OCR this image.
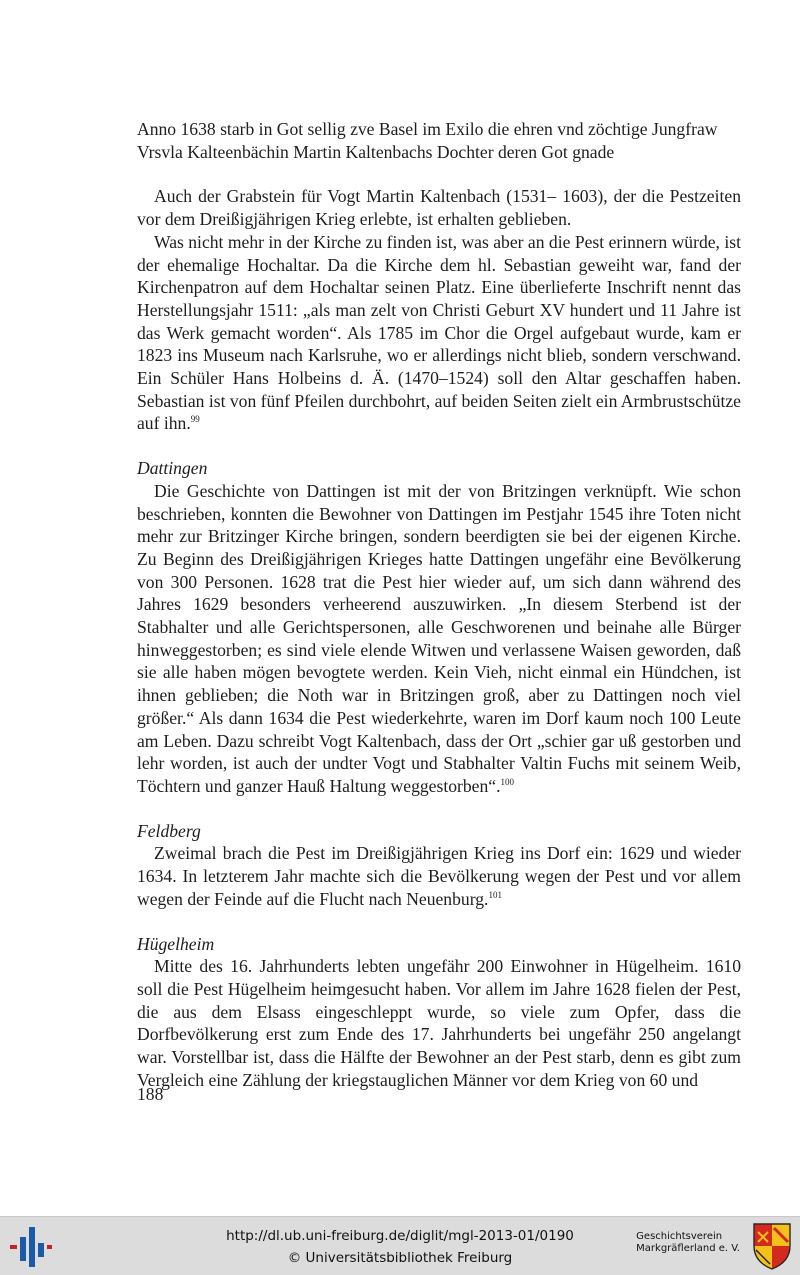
Anno 1638 starb in Got sellig zve Basel im Exilo die ehren vnd zöchtige Jungfraw

Vrsvla Kalteenbächin Martin Kaltenbachs Dochter deren Got gnade

Auch der Grabstein für Vogt Martin Kaltenbach (1531– 1603), der die Pestzeiten vor dem Dreißigjährigen Krieg erlebte, ist erhalten geblieben.

Was nicht mehr in der Kirche zu finden ist, was aber an die Pest erinnern würde, ist der ehemalige Hochaltar. Da die Kirche dem hl. Sebastian geweiht war, fand der Kirchenpatron auf dem Hochaltar seinen Platz. Eine überlieferte Inschrift nennt das Herstellungsjahr 1511: „als man zelt von Christi Geburt XV hundert und 11 Jahre ist das Werk gemacht worden“. Als 1785 im Chor die Orgel aufgebaut wurde, kam er 1823 ins Museum nach Karlsruhe, wo er allerdings nicht blieb, sondern verschwand. Ein Schüler Hans Holbeins d. Ä. (1470–1524) soll den Altar geschaffen haben. Sebastian ist von fünf Pfeilen durchbohrt, auf beiden Seiten zielt ein Armbrustschütze auf ihn.$^{99}$

Dattingen

Die Geschichte von Dattingen ist mit der von Britzingen verknüpft. Wie schon beschrieben, konnten die Bewohner von Dattingen im Pestjahr 1545 ihre Toten nicht mehr zur Britzinger Kirche bringen, sondern beerdigten sie bei der eigenen Kirche. Zu Beginn des Dreißigjährigen Krieges hatte Dattingen ungefähr eine Bevölkerung von 300 Personen. 1628 trat die Pest hier wieder auf, um sich dann während des Jahres 1629 besonders verheerend auszuwirken. „In diesem Sterbend ist der Stabhalter und alle Gerichtspersonen, alle Geschworenen und beinahe alle Bürger hinweggestorben; es sind viele elende Witwen und verlassene Waisen geworden, daß sie alle haben mögen bevogtete werden. Kein Vieh, nicht einmal ein Hündchen, ist ihnen geblieben; die Noth war in Britzingen groß, aber zu Dattingen noch viel größer.“ Als dann 1634 die Pest wiederkehrte, waren im Dorf kaum noch 100 Leute am Leben. Dazu schreibt Vogt Kaltenbach, dass der Ort „schier gar uß gestorben und lehr worden, ist auch der undter Vogt und Stabhalter Valtin Fuchs mit seinem Weib, Töchtern und ganzer Hauß Haltung weggestorben“.$^{100}$

Feldberg

Zweimal brach die Pest im Dreißigjährigen Krieg ins Dorf ein: 1629 und wieder 1634. In letzterem Jahr machte sich die Bevölkerung wegen der Pest und vor allem wegen der Feinde auf die Flucht nach Neuenburg.$^{101}$

Hügelheim

Mitte des 16. Jahrhunderts lebten ungefähr 200 Einwohner in Hügelheim. 1610 soll die Pest Hügelheim heimgesucht haben. Vor allem im Jahre 1628 fielen der Pest, die aus dem Elsass eingeschleppt wurde, so viele zum Opfer, dass die Dorfbevölkerung erst zum Ende des 17. Jahrhunderts bei ungefähr 250 angelangt war. Vorstellbar ist, dass die Hälfte der Bewohner an der Pest starb, denn es gibt zum Vergleich eine Zählung der kriegstauglichen Männer vor dem Krieg von 60 und

188
http://dl.ub.uni-freiburg.de/diglit/mgl-2013-01/0190
© Universitätsbibliothek Freiburg
Geschichtsverein
Markgräflerland e. V.
